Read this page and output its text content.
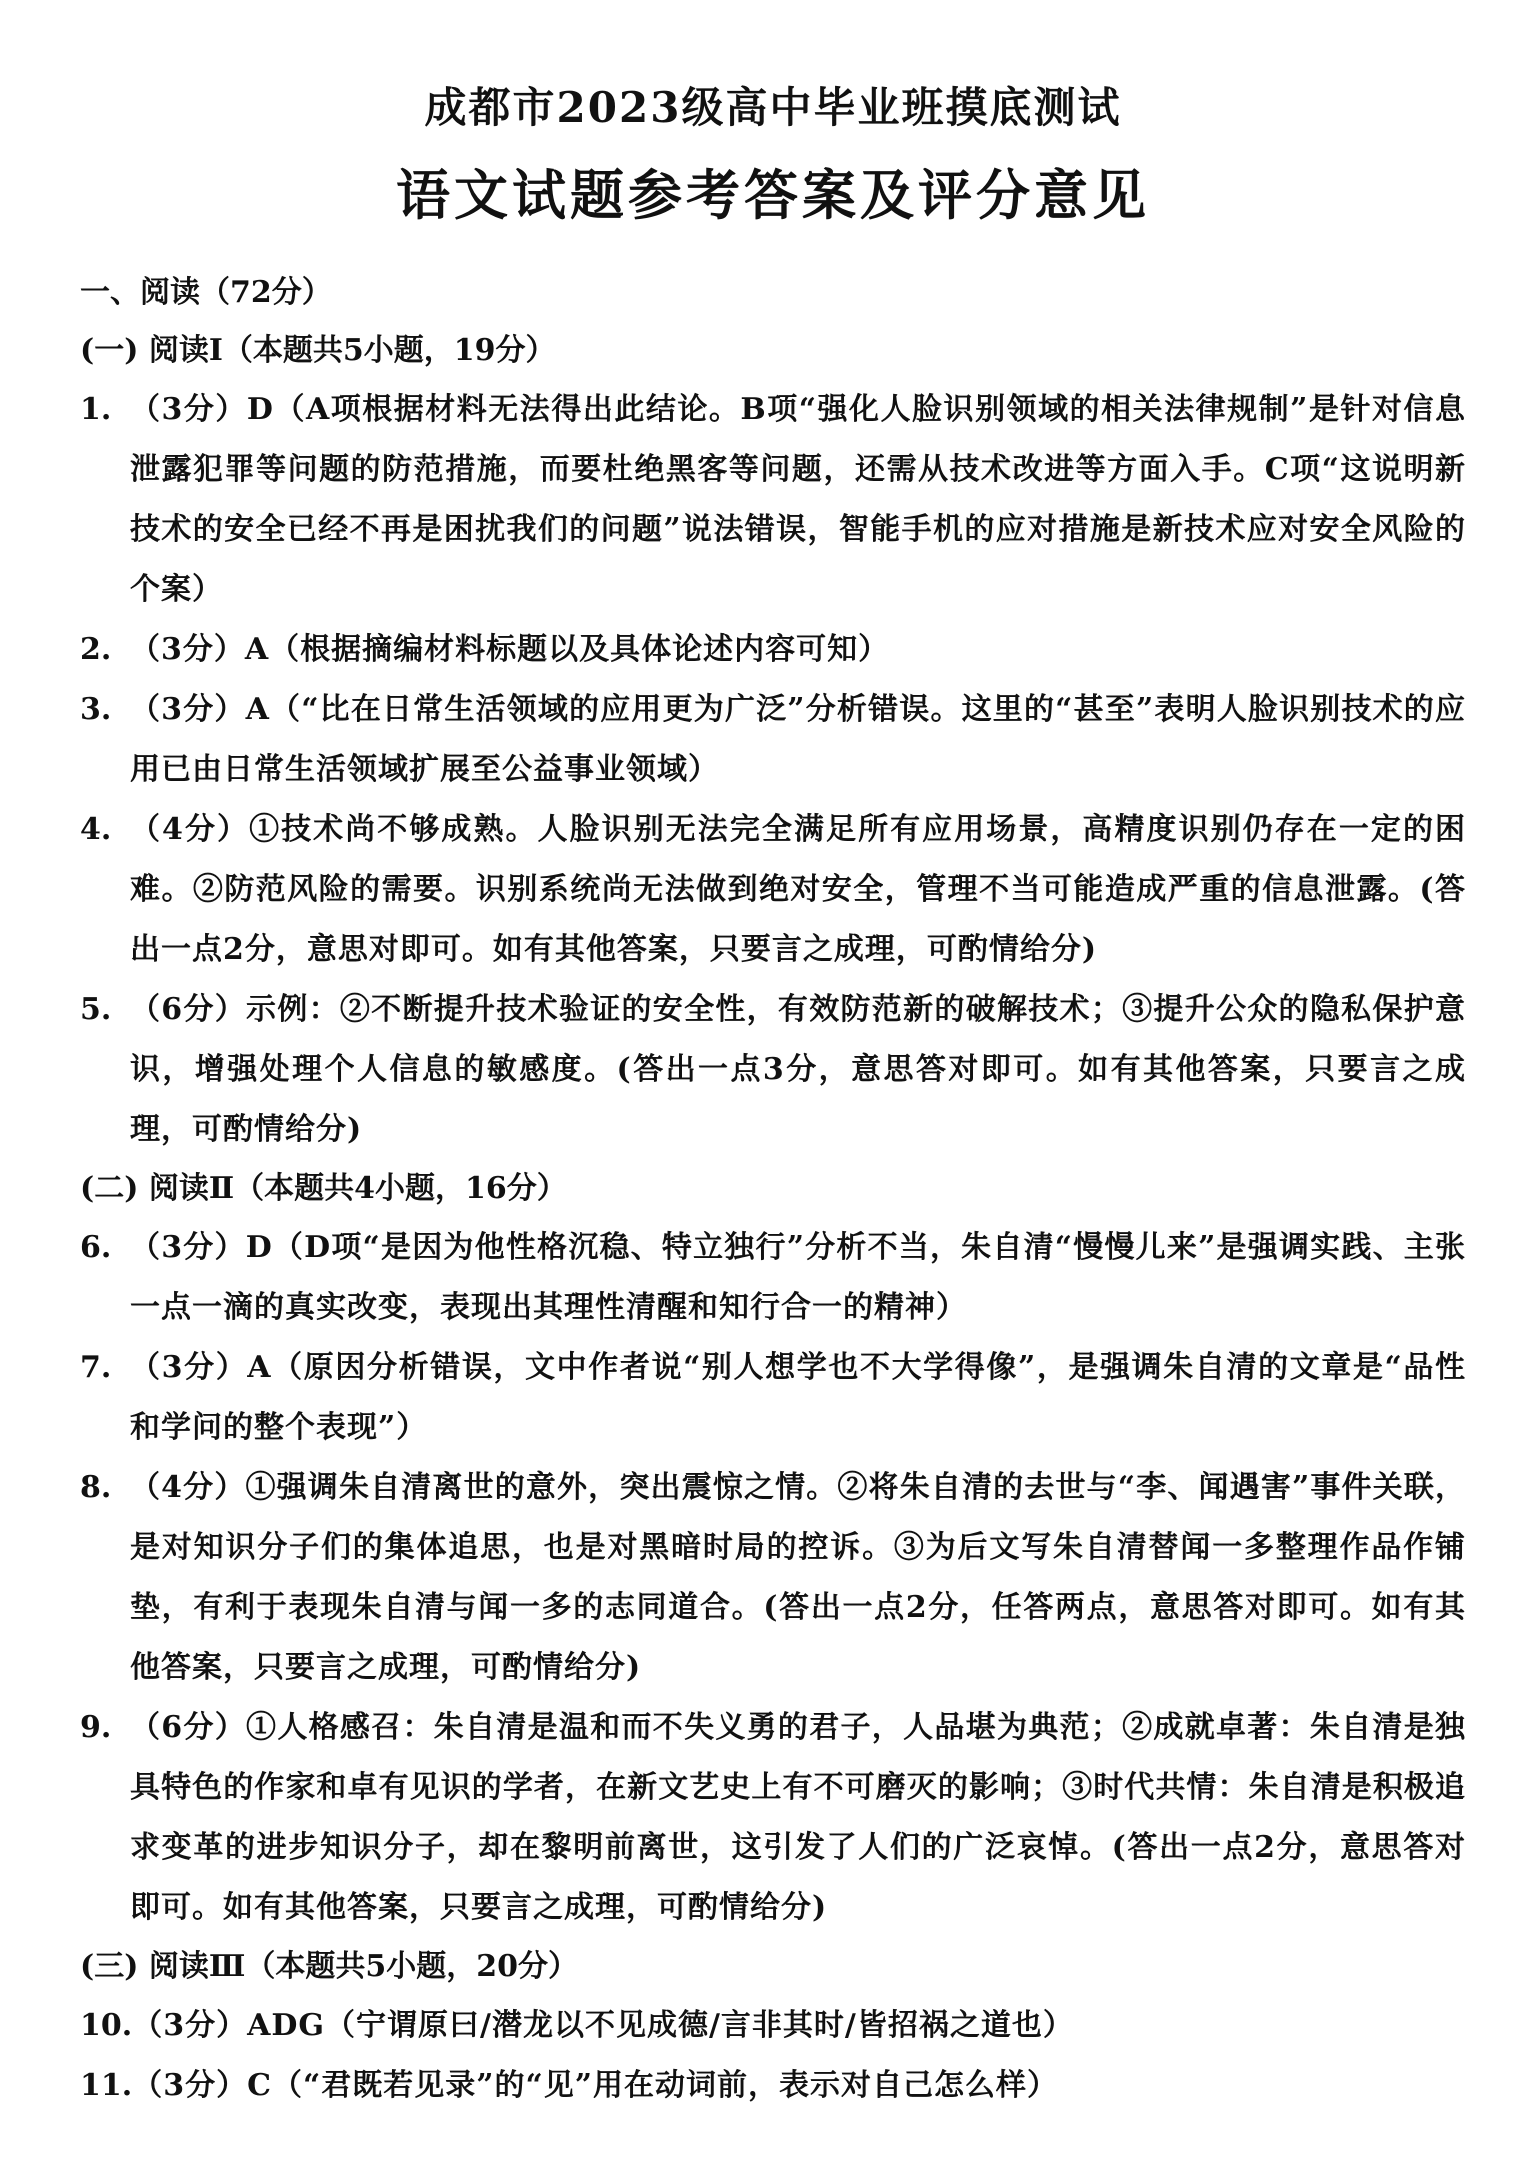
成都市2023级高中毕业班摸底测试
语文试题参考答案及评分意见
一、阅读（72分）
(一) 阅读Ⅰ（本题共5小题，19分）
1. （3分）D（A项根据材料无法得出此结论。B项“强化人脸识别领域的相关法律规制”是针对信息泄露犯罪等问题的防范措施，而要杜绝黑客等问题，还需从技术改进等方面入手。C项“这说明新技术的安全已经不再是困扰我们的问题”说法错误，智能手机的应对措施是新技术应对安全风险的个案）
2. （3分）A（根据摘编材料标题以及具体论述内容可知）
3. （3分）A（“比在日常生活领域的应用更为广泛”分析错误。这里的“甚至”表明人脸识别技术的应用已由日常生活领域扩展至公益事业领域）
4. （4分）①技术尚不够成熟。人脸识别无法完全满足所有应用场景，高精度识别仍存在一定的困难。②防范风险的需要。识别系统尚无法做到绝对安全，管理不当可能造成严重的信息泄露。(答出一点2分，意思对即可。如有其他答案，只要言之成理，可酌情给分)
5. （6分）示例：②不断提升技术验证的安全性，有效防范新的破解技术；③提升公众的隐私保护意识，增强处理个人信息的敏感度。(答出一点3分，意思答对即可。如有其他答案，只要言之成理，可酌情给分)
(二) 阅读Ⅱ（本题共4小题，16分）
6. （3分）D（D项“是因为他性格沉稳、特立独行”分析不当，朱自清“慢慢儿来”是强调实践、主张一点一滴的真实改变，表现出其理性清醒和知行合一的精神）
7. （3分）A（原因分析错误，文中作者说“别人想学也不大学得像”，是强调朱自清的文章是“品性和学问的整个表现”）
8. （4分）①强调朱自清离世的意外，突出震惊之情。②将朱自清的去世与“李、闻遇害”事件关联，是对知识分子们的集体追思，也是对黑暗时局的控诉。③为后文写朱自清替闻一多整理作品作铺垫，有利于表现朱自清与闻一多的志同道合。(答出一点2分，任答两点，意思答对即可。如有其他答案，只要言之成理，可酌情给分)
9. （6分）①人格感召：朱自清是温和而不失义勇的君子，人品堪为典范；②成就卓著：朱自清是独具特色的作家和卓有见识的学者，在新文艺史上有不可磨灭的影响；③时代共情：朱自清是积极追求变革的进步知识分子，却在黎明前离世，这引发了人们的广泛哀悼。(答出一点2分，意思答对即可。如有其他答案，只要言之成理，可酌情给分)
(三) 阅读Ⅲ（本题共5小题，20分）
10. （3分）ADG（宁谓原曰/潜龙以不见成德/言非其时/皆招祸之道也）
11. （3分）C（“君既若见录”的“见”用在动词前，表示对自己怎么样）
